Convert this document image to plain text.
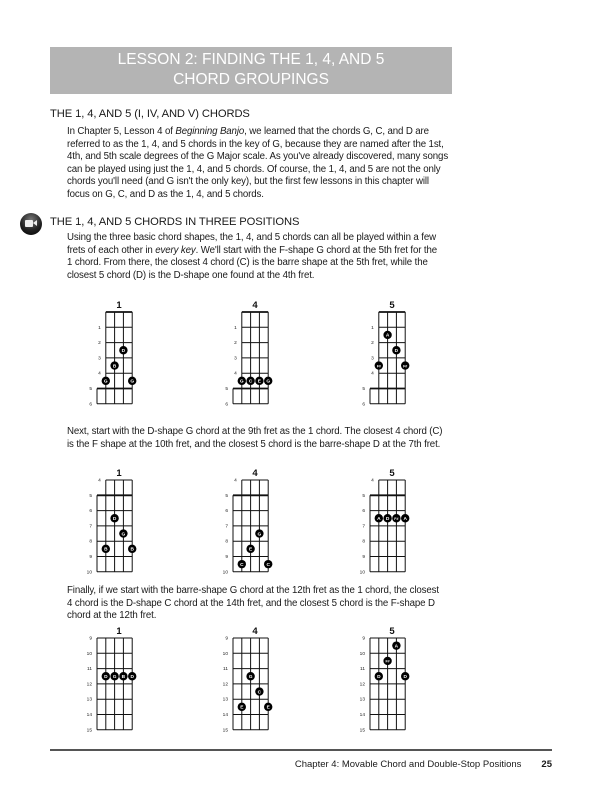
LESSON 2: FINDING THE 1, 4, AND 5
CHORD GROUPINGS
THE 1, 4, AND 5 (I, IV, AND V) CHORDS
In Chapter 5, Lesson 4 of Beginning Banjo, we learned that the chords G, C, and D are
referred to as the 1, 4, and 5 chords in the key of G, because they are named after the 1st,
4th, and 5th scale degrees of the G Major scale. As you've already discovered, many songs
can be played using just the 1, 4, and 5 chords. Of course, the 1, 4, and 5 are not the only
chords you'll need (and G isn't the only key), but the first few lessons in this chapter will
focus on G, C, and D as the 1, 4, and 5 chords.
THE 1, 4, AND 5 CHORDS IN THREE POSITIONS
Using the three basic chord shapes, the 1, 4, and 5 chords can all be played within a few
frets of each other in every key. We'll start with the F-shape G chord at the 5th fret for the
1 chord. From there, the closest 4 chord (C) is the barre shape at the 5th fret, while the
closest 5 chord (D) is the D-shape one found at the 4th fret.
Next, start with the D-shape G chord at the 9th fret as the 1 chord. The closest 4 chord (C)
is the F shape at the 10th fret, and the closest 5 chord is the barre-shape D at the 7th fret.
Finally, if we start with the barre-shape G chord at the 12th fret as the 1 chord, the closest
4 chord is the D-shape C chord at the 14th fret, and the closest 5 chord is the F-shape D
chord at the 12th fret.
1
1
2
3
4
5
6
G
B
D
G
4
1
2
3
4
5
6
G C E G
5
1
2
3
4
5
6
F#
A
D
F#
1
4
5
6
7
8
9
10
B
D
G
B
4
4
5
6
7
8
9
10
C
E
G
C
5
4
5
6
7
8
9
10
A D F# A
1
9
10
11
12
13
14
15
D G B D
4
9
10
11
12
13
14
15
E
G
C
E
5
9
10
11
12
13
14
15
D
F#
A
D
Chapter 4: Movable Chord and Double-Stop Positions 25
